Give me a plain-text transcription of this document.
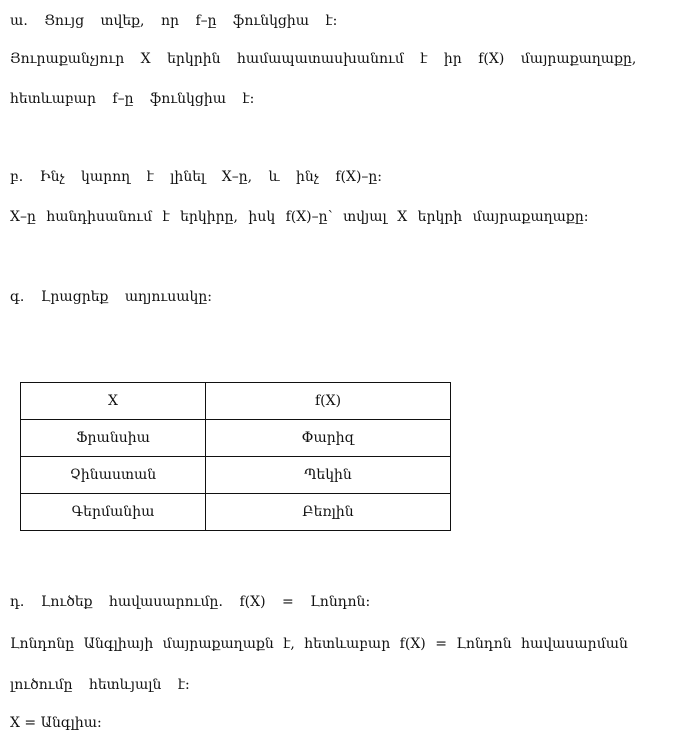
ա․ Ցույց տվեք, որ f–ը ֆունկցիա է։
Յուրաքանչյուր X երկրին համապատասխանում է իր f(X) մայրաքաղաքը,
հետևաբար f–ը ֆունկցիա է։
բ․ Ինչ կարող է լինել X–ը, և ինչ f(X)–ը։
X–ը հանդիսանում է երկիրը, իսկ f(X)–ը՝ տվյալ X երկրի մայրաքաղաքը։
գ․ Լրացրեք աղյուսակը։
X	f(X)
Ֆրանսիա	Փարիզ
Չինաստան	Պեկին
Գերմանիա	Բեռլին
դ․ Լուծեք հավասարումը․ f(X) = Լոնդոն։
Լոնդոնը Անգլիայի մայրաքաղաքն է, հետևաբար f(X) = Լոնդոն հավասարման
լուծումը հետևյալն է։
X = Անգլիա։
